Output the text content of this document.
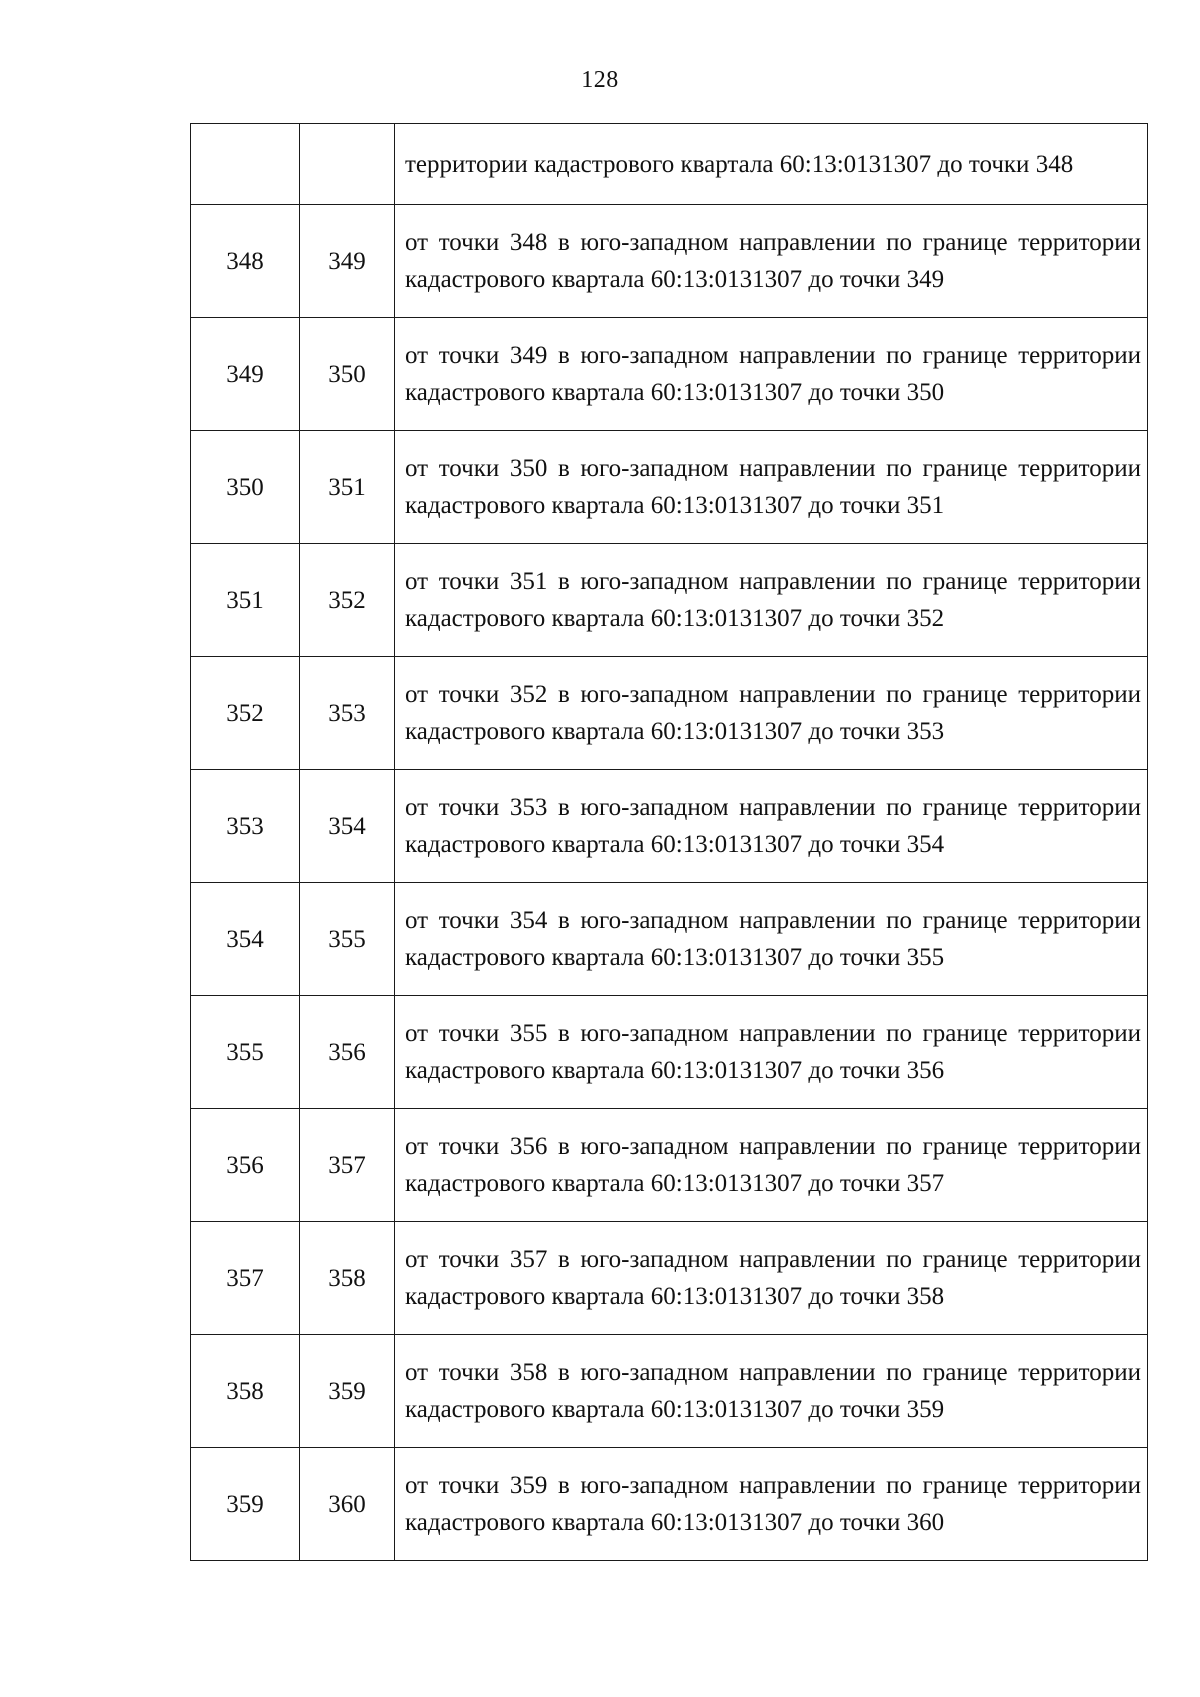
128
		территории кадастрового квартала 60:13:0131307 до точки 348
348	349	от точки 348 в юго-западном направлении по границе территории кадастрового квартала 60:13:0131307 до точки 349
349	350	от точки 349 в юго-западном направлении по границе территории кадастрового квартала 60:13:0131307 до точки 350
350	351	от точки 350 в юго-западном направлении по границе территории кадастрового квартала 60:13:0131307 до точки 351
351	352	от точки 351 в юго-западном направлении по границе территории кадастрового квартала 60:13:0131307 до точки 352
352	353	от точки 352 в юго-западном направлении по границе территории кадастрового квартала 60:13:0131307 до точки 353
353	354	от точки 353 в юго-западном направлении по границе территории кадастрового квартала 60:13:0131307 до точки 354
354	355	от точки 354 в юго-западном направлении по границе территории кадастрового квартала 60:13:0131307 до точки 355
355	356	от точки 355 в юго-западном направлении по границе территории кадастрового квартала 60:13:0131307 до точки 356
356	357	от точки 356 в юго-западном направлении по границе территории кадастрового квартала 60:13:0131307 до точки 357
357	358	от точки 357 в юго-западном направлении по границе территории кадастрового квартала 60:13:0131307 до точки 358
358	359	от точки 358 в юго-западном направлении по границе территории кадастрового квартала 60:13:0131307 до точки 359
359	360	от точки 359 в юго-западном направлении по границе территории кадастрового квартала 60:13:0131307 до точки 360
